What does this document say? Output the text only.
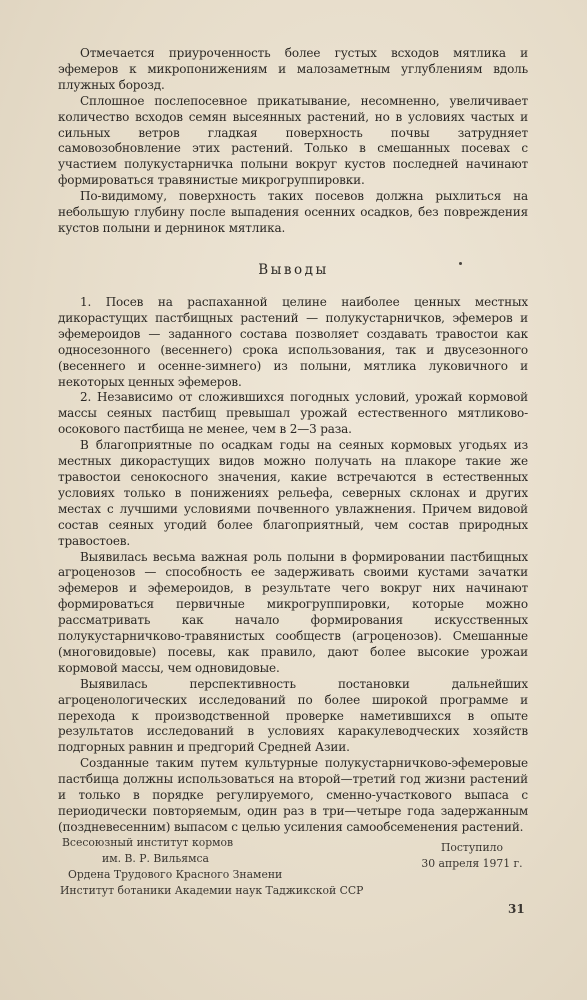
Отмечается приуроченность более густых всходов мятлика и эфемеров к микропонижениям и малозаметным углублениям вдоль плужных борозд.

Сплошное послепосевное прикатывание, несомненно, увеличивает количество всходов семян высеянных растений, но в условиях частых и сильных ветров гладкая поверхность почвы затрудняет самовозобновление этих растений. Только в смешанных посевах с участием полукустарничка полыни вокруг кустов последней начинают формироваться травянистые микрогруппировки.

По-видимому, поверхность таких посевов должна рыхлиться на небольшую глубину после выпадения осенних осадков, без повреждения кустов полыни и дернинок мятлика.

Выводы

1. Посев на распаханной целине наиболее ценных местных дикорастущих пастбищных растений — полукустарничков, эфемеров и эфемероидов — заданного состава позволяет создавать травостои как односезонного (весеннего) срока использования, так и двусезонного (весеннего и осенне-зимнего) из полыни, мятлика луковичного и некоторых ценных эфемеров.

2. Независимо от сложившихся погодных условий, урожай кормовой массы сеяных пастбищ превышал урожай естественного мятликово-осокового пастбища не менее, чем в 2—3 раза.

В благоприятные по осадкам годы на сеяных кормовых угодьях из местных дикорастущих видов можно получать на плакоре такие же травостои сенокосного значения, какие встречаются в естественных условиях только в понижениях рельефа, северных склонах и других местах с лучшими условиями почвенного увлажнения. Причем видовой состав сеяных угодий более благоприятный, чем состав природных травостоев.

Выявилась весьма важная роль полыни в формировании пастбищных агроценозов — способность ее задерживать своими кустами зачатки эфемеров и эфемероидов, в результате чего вокруг них начинают формироваться первичные микрогруппировки, которые можно рассматривать как начало формирования искусственных полукустарничково-травянистых сообществ (агроценозов). Смешанные (многовидовые) посевы, как правило, дают более высокие урожаи кормовой массы, чем одновидовые.

Выявилась перспективность постановки дальнейших агроценологических исследований по более широкой программе и перехода к производственной проверке наметившихся в опыте результатов исследований в условиях каракулеводческих хозяйств подгорных равнин и предгорий Средней Азии.

Созданные таким путем культурные полукустарничково-эфемеровые пастбища должны использоваться на второй—третий год жизни растений и только в порядке регулируемого, сменно-участкового выпаса с периодически повторяемым, один раз в три—четыре года задержанным (поздневесенним) выпасом с целью усиления самообсеменения растений.

Всесоюзный институт кормов
им. В. Р. Вильямса
Ордена Трудового Красного Знамени
Институт ботаники Академии наук Таджикской ССР
Поступило
30 апреля 1971 г.
31
